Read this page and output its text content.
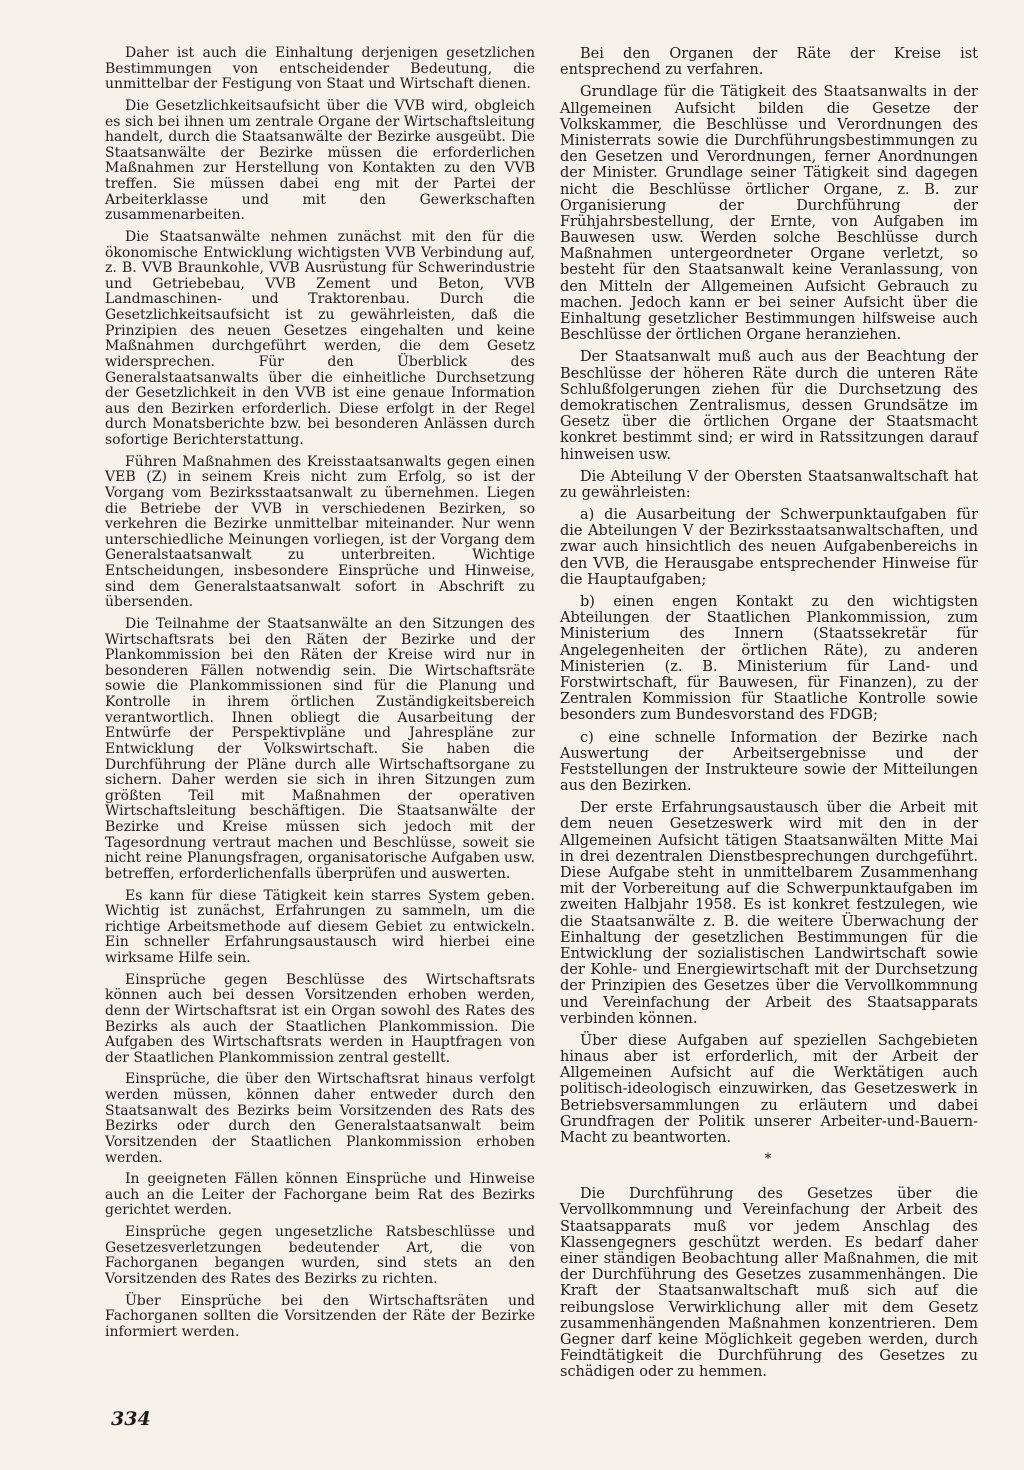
Daher ist auch die Einhaltung derjenigen gesetzlichen Bestimmungen von entscheidender Bedeutung, die unmittelbar der Festigung von Staat und Wirtschaft dienen.

Die Gesetzlichkeitsaufsicht über die VVB wird, obgleich es sich bei ihnen um zentrale Organe der Wirtschaftsleitung handelt, durch die Staatsanwälte der Bezirke ausgeübt. Die Staatsanwälte der Bezirke müssen die erforderlichen Maßnahmen zur Herstellung von Kontakten zu den VVB treffen. Sie müssen dabei eng mit der Partei der Arbeiterklasse und mit den Gewerkschaften zusammenarbeiten.

Die Staatsanwälte nehmen zunächst mit den für die ökonomische Entwicklung wichtigsten VVB Verbindung auf, z. B. VVB Braunkohle, VVB Ausrüstung für Schwerindustrie und Getriebebau, VVB Zement und Beton, VVB Landmaschinen- und Traktorenbau. Durch die Gesetzlichkeitsaufsicht ist zu gewährleisten, daß die Prinzipien des neuen Gesetzes eingehalten und keine Maßnahmen durchgeführt werden, die dem Gesetz widersprechen. Für den Überblick des Generalstaatsanwalts über die einheitliche Durchsetzung der Gesetzlichkeit in den VVB ist eine genaue Information aus den Bezirken erforderlich. Diese erfolgt in der Regel durch Monatsberichte bzw. bei besonderen Anlässen durch sofortige Berichterstattung.

Führen Maßnahmen des Kreisstaatsanwalts gegen einen VEB (Z) in seinem Kreis nicht zum Erfolg, so ist der Vorgang vom Bezirksstaatsanwalt zu übernehmen. Liegen die Betriebe der VVB in verschiedenen Bezirken, so verkehren die Bezirke unmittelbar miteinander. Nur wenn unterschiedliche Meinungen vorliegen, ist der Vorgang dem Generalstaatsanwalt zu unterbreiten. Wichtige Entscheidungen, insbesondere Einsprüche und Hinweise, sind dem Generalstaatsanwalt sofort in Abschrift zu übersenden.

Die Teilnahme der Staatsanwälte an den Sitzungen des Wirtschaftsrats bei den Räten der Bezirke und der Plankommission bei den Räten der Kreise wird nur in besonderen Fällen notwendig sein. Die Wirtschaftsräte sowie die Plankommissionen sind für die Planung und Kontrolle in ihrem örtlichen Zuständigkeitsbereich verantwortlich. Ihnen obliegt die Ausarbeitung der Entwürfe der Perspektivpläne und Jahrespläne zur Entwicklung der Volkswirtschaft. Sie haben die Durchführung der Pläne durch alle Wirtschaftsorgane zu sichern. Daher werden sie sich in ihren Sitzungen zum größten Teil mit Maßnahmen der operativen Wirtschaftsleitung beschäftigen. Die Staatsanwälte der Bezirke und Kreise müssen sich jedoch mit der Tagesordnung vertraut machen und Beschlüsse, soweit sie nicht reine Planungsfragen, organisatorische Aufgaben usw. betreffen, erforderlichenfalls überprüfen und auswerten.

Es kann für diese Tätigkeit kein starres System geben. Wichtig ist zunächst, Erfahrungen zu sammeln, um die richtige Arbeitsmethode auf diesem Gebiet zu entwickeln. Ein schneller Erfahrungsaustausch wird hierbei eine wirksame Hilfe sein.

Einsprüche gegen Beschlüsse des Wirtschaftsrats können auch bei dessen Vorsitzenden erhoben werden, denn der Wirtschaftsrat ist ein Organ sowohl des Rates des Bezirks als auch der Staatlichen Plankommission. Die Aufgaben des Wirtschaftsrats werden in Hauptfragen von der Staatlichen Plankommission zentral gestellt.

Einsprüche, die über den Wirtschaftsrat hinaus verfolgt werden müssen, können daher entweder durch den Staatsanwalt des Bezirks beim Vorsitzenden des Rats des Bezirks oder durch den Generalstaatsanwalt beim Vorsitzenden der Staatlichen Plankommission erhoben werden.

In geeigneten Fällen können Einsprüche und Hinweise auch an die Leiter der Fachorgane beim Rat des Bezirks gerichtet werden.

Einsprüche gegen ungesetzliche Ratsbeschlüsse und Gesetzesverletzungen bedeutender Art, die von Fachorganen begangen wurden, sind stets an den Vorsitzenden des Rates des Bezirks zu richten.

Über Einsprüche bei den Wirtschaftsräten und Fachorganen sollten die Vorsitzenden der Räte der Bezirke informiert werden.

Bei den Organen der Räte der Kreise ist entsprechend zu verfahren.

Grundlage für die Tätigkeit des Staatsanwalts in der Allgemeinen Aufsicht bilden die Gesetze der Volkskammer, die Beschlüsse und Verordnungen des Ministerrats sowie die Durchführungsbestimmungen zu den Gesetzen und Verordnungen, ferner Anordnungen der Minister. Grundlage seiner Tätigkeit sind dagegen nicht die Beschlüsse örtlicher Organe, z. B. zur Organisierung der Durchführung der Frühjahrsbestellung, der Ernte, von Aufgaben im Bauwesen usw. Werden solche Beschlüsse durch Maßnahmen untergeordneter Organe verletzt, so besteht für den Staatsanwalt keine Veranlassung, von den Mitteln der Allgemeinen Aufsicht Gebrauch zu machen. Jedoch kann er bei seiner Aufsicht über die Einhaltung gesetzlicher Bestimmungen hilfsweise auch Beschlüsse der örtlichen Organe heranziehen.

Der Staatsanwalt muß auch aus der Beachtung der Beschlüsse der höheren Räte durch die unteren Räte Schlußfolgerungen ziehen für die Durchsetzung des demokratischen Zentralismus, dessen Grundsätze im Gesetz über die örtlichen Organe der Staatsmacht konkret bestimmt sind; er wird in Ratssitzungen darauf hinweisen usw.

Die Abteilung V der Obersten Staatsanwaltschaft hat zu gewährleisten:

a) die Ausarbeitung der Schwerpunktaufgaben für die Abteilungen V der Bezirksstaatsanwaltschaften, und zwar auch hinsichtlich des neuen Aufgabenbereichs in den VVB, die Herausgabe entsprechender Hinweise für die Hauptaufgaben;

b) einen engen Kontakt zu den wichtigsten Abteilungen der Staatlichen Plankommission, zum Ministerium des Innern (Staatssekretär für Angelegenheiten der örtlichen Räte), zu anderen Ministerien (z. B. Ministerium für Land- und Forstwirtschaft, für Bauwesen, für Finanzen), zu der Zentralen Kommission für Staatliche Kontrolle sowie besonders zum Bundesvorstand des FDGB;

c) eine schnelle Information der Bezirke nach Auswertung der Arbeitsergebnisse und der Feststellungen der Instrukteure sowie der Mitteilungen aus den Bezirken.

Der erste Erfahrungsaustausch über die Arbeit mit dem neuen Gesetzeswerk wird mit den in der Allgemeinen Aufsicht tätigen Staatsanwälten Mitte Mai in drei dezentralen Dienstbesprechungen durchgeführt. Diese Aufgabe steht in unmittelbarem Zusammenhang mit der Vorbereitung auf die Schwerpunktaufgaben im zweiten Halbjahr 1958. Es ist konkret festzulegen, wie die Staatsanwälte z. B. die weitere Überwachung der Einhaltung der gesetzlichen Bestimmungen für die Entwicklung der sozialistischen Landwirtschaft sowie der Kohle- und Energiewirtschaft mit der Durchsetzung der Prinzipien des Gesetzes über die Vervollkommnung und Vereinfachung der Arbeit des Staatsapparats verbinden können.

Über diese Aufgaben auf speziellen Sachgebieten hinaus aber ist erforderlich, mit der Arbeit der Allgemeinen Aufsicht auf die Werktätigen auch politisch-ideologisch einzuwirken, das Gesetzeswerk in Betriebsversammlungen zu erläutern und dabei Grundfragen der Politik unserer Arbeiter-und-Bauern-Macht zu beantworten.

*

Die Durchführung des Gesetzes über die Vervollkommnung und Vereinfachung der Arbeit des Staatsapparats muß vor jedem Anschlag des Klassengegners geschützt werden. Es bedarf daher einer ständigen Beobachtung aller Maßnahmen, die mit der Durchführung des Gesetzes zusammenhängen. Die Kraft der Staatsanwaltschaft muß sich auf die reibungslose Verwirklichung aller mit dem Gesetz zusammenhängenden Maßnahmen konzentrieren. Dem Gegner darf keine Möglichkeit gegeben werden, durch Feindtätigkeit die Durchführung des Gesetzes zu schädigen oder zu hemmen.

334
